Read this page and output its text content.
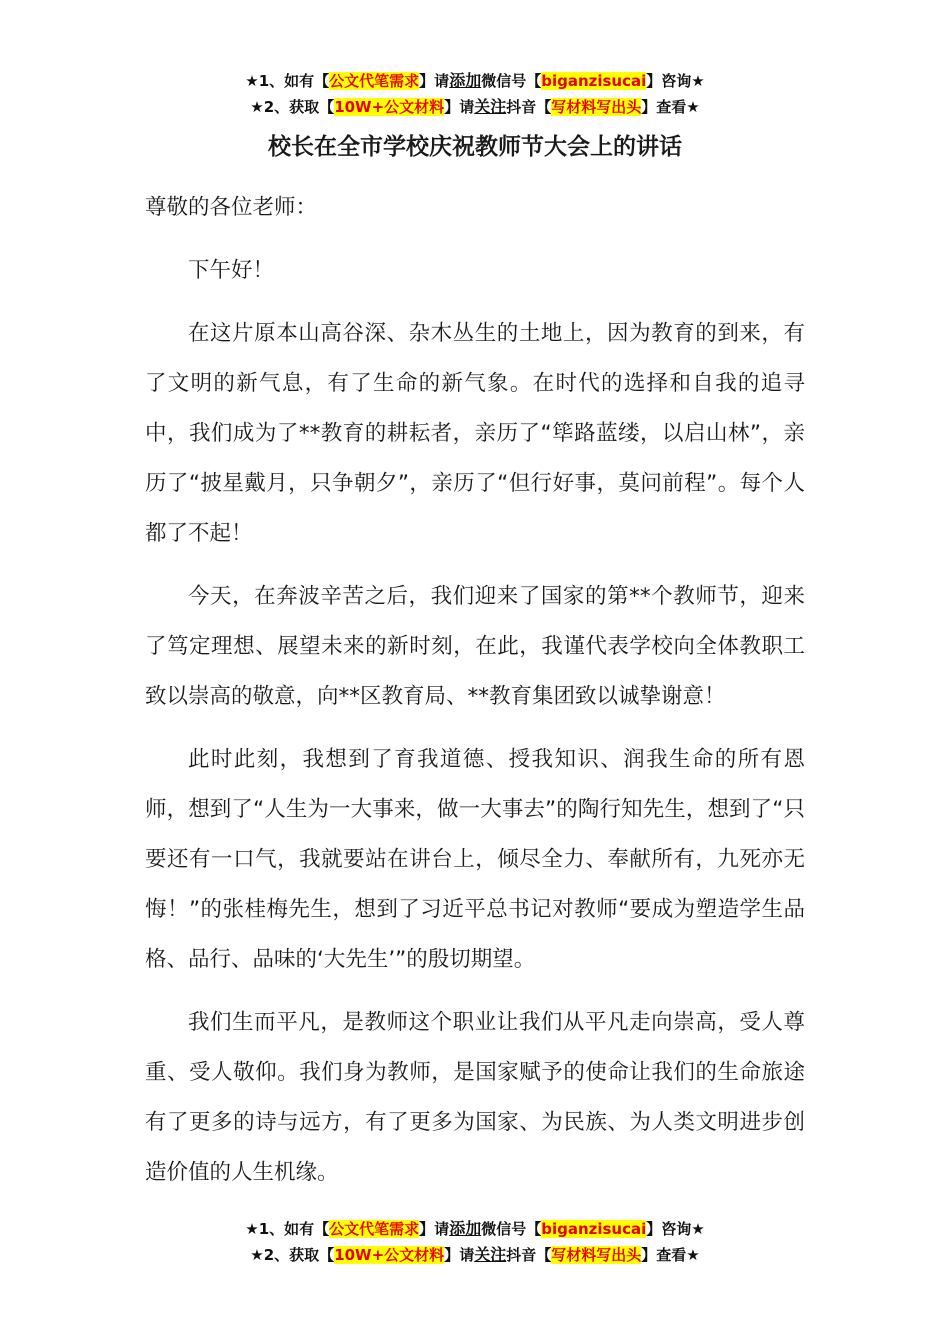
★1、如有【公文代笔需求】请添加微信号【biganzisucai】咨询★
★2、获取【10W+公文材料】请关注抖音【写材料写出头】查看★
校长在全市学校庆祝教师节大会上的讲话

尊敬的各位老师：

下午好！

在这片原本山高谷深、杂木丛生的土地上，因为教育的到来，有了文明的新气息，有了生命的新气象。在时代的选择和自我的追寻中，我们成为了**教育的耕耘者，亲历了“筚路蓝缕，以启山林”，亲历了“披星戴月，只争朝夕”，亲历了“但行好事，莫问前程”。每个人都了不起！

今天，在奔波辛苦之后，我们迎来了国家的第**个教师节，迎来了笃定理想、展望未来的新时刻，在此，我谨代表学校向全体教职工致以崇高的敬意，向**区教育局、**教育集团致以诚挚谢意！

此时此刻，我想到了育我道德、授我知识、润我生命的所有恩师，想到了“人生为一大事来，做一大事去”的陶行知先生，想到了“只要还有一口气，我就要站在讲台上，倾尽全力、奉献所有，九死亦无悔！”的张桂梅先生，想到了习近平总书记对教师“要成为塑造学生品格、品行、品味的‘大先生’”的殷切期望。

我们生而平凡，是教师这个职业让我们从平凡走向崇高，受人尊重、受人敬仰。我们身为教师，是国家赋予的使命让我们的生命旅途有了更多的诗与远方，有了更多为国家、为民族、为人类文明进步创造价值的人生机缘。

★1、如有【公文代笔需求】请添加微信号【biganzisucai】咨询★
★2、获取【10W+公文材料】请关注抖音【写材料写出头】查看★
